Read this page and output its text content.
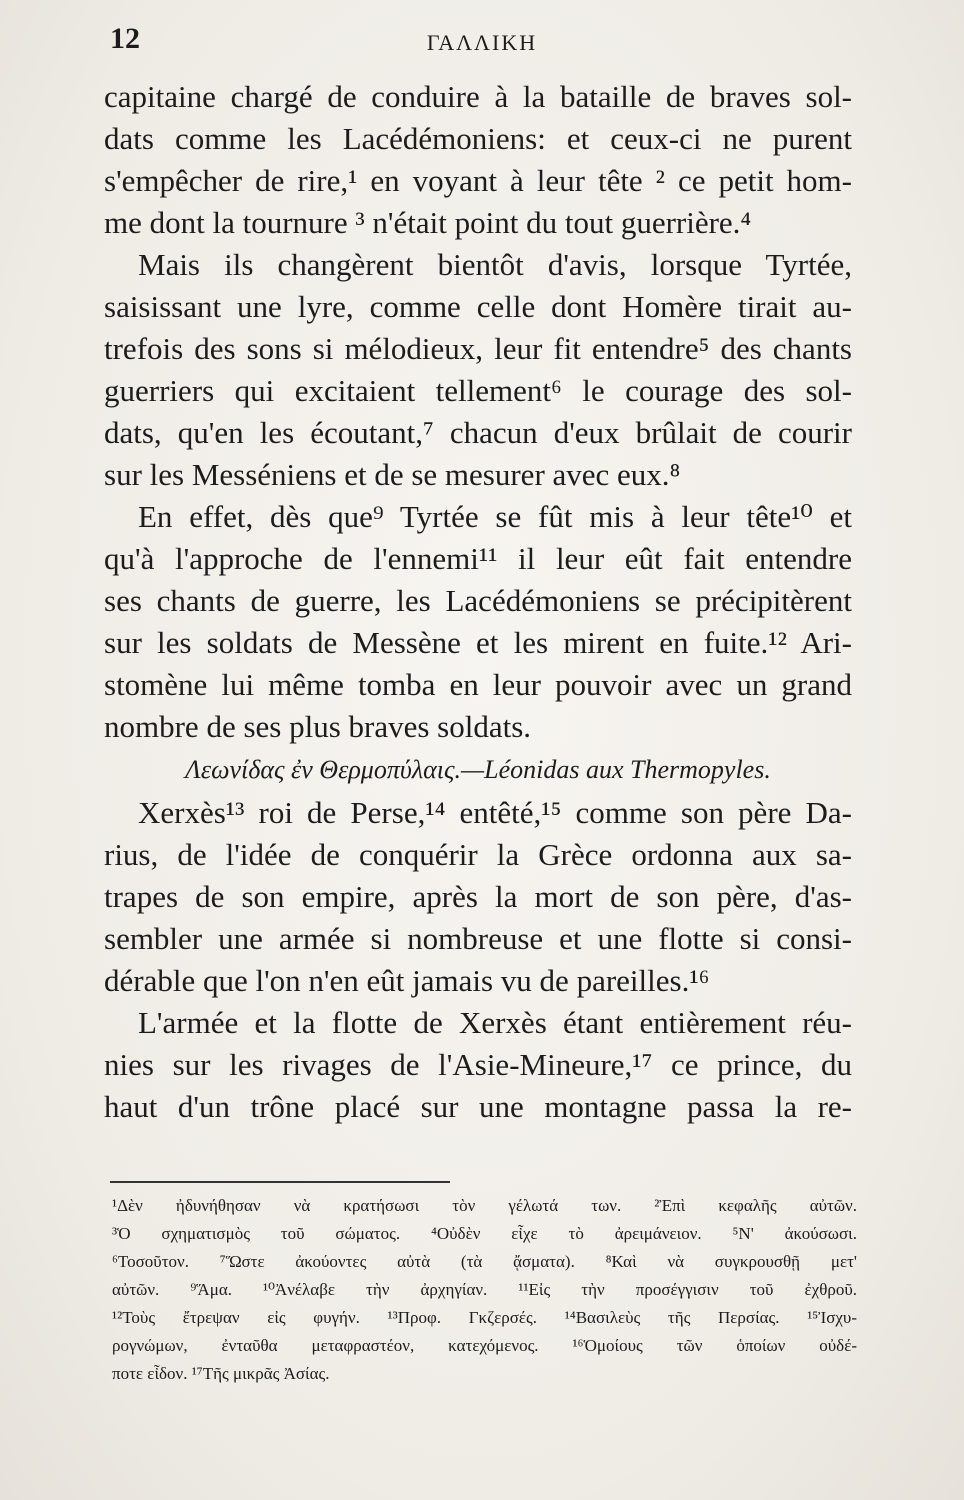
12	ΓΑΛΛΙΚΗ
capitaine chargé de conduire à la bataille de braves sol-
dats comme les Lacédémoniens: et ceux-ci ne purent
s'empêcher de rire,¹ en voyant à leur tête ² ce petit hom-
me dont la tournure ³ n'était point du tout guerrière.⁴
Mais ils changèrent bientôt d'avis, lorsque Tyrtée,
saisissant une lyre, comme celle dont Homère tirait au-
trefois des sons si mélodieux, leur fit entendre⁵ des chants
guerriers qui excitaient tellement⁶ le courage des sol-
dats, qu'en les écoutant,⁷ chacun d'eux brûlait de courir
sur les Messéniens et de se mesurer avec eux.⁸
En effet, dès que⁹ Tyrtée se fût mis à leur tête¹⁰ et
qu'à l'approche de l'ennemi¹¹ il leur eût fait entendre
ses chants de guerre, les Lacédémoniens se précipitèrent
sur les soldats de Messène et les mirent en fuite.¹² Ari-
stomène lui même tomba en leur pouvoir avec un grand
nombre de ses plus braves soldats.
Λεωνίδας ἐν Θερμοπύλαις.—Léonidas aux Thermopyles.
Xerxès¹³ roi de Perse,¹⁴ entêté,¹⁵ comme son père Da-
rius, de l'idée de conquérir la Grèce ordonna aux sa-
trapes de son empire, après la mort de son père, d'as-
sembler une armée si nombreuse et une flotte si consi-
dérable que l'on n'en eût jamais vu de pareilles.¹⁶
L'armée et la flotte de Xerxès étant entièrement réu-
nies sur les rivages de l'Asie-Mineure,¹⁷ ce prince, du
haut d'un trône placé sur une montagne passa la re-
¹Δὲν ἠδυνήθησαν νὰ κρατήσωσι τὸν γέλωτά των. ²Ἐπὶ κεφαλῆς αὐτῶν.
³Ὁ σχηματισμὸς τοῦ σώματος. ⁴Οὐδὲν εἶχε τὸ ἀρειμάνειον. ⁵Ν' ἀκούσωσι.
⁶Τοσοῦτον. ⁷Ὥστε ἀκούοντες αὐτὰ (τὰ ᾄσματα). ⁸Καὶ νὰ συγκρουσθῇ μετ'
αὐτῶν. ⁹Ἅμα. ¹⁰Ἀνέλαβε τὴν ἀρχηγίαν. ¹¹Εἰς τὴν προσέγγισιν τοῦ ἐχθροῦ.
¹²Τοὺς ἔτρεψαν εἰς φυγήν. ¹³Προφ. Γκζερσές. ¹⁴Βασιλεὺς τῆς Περσίας. ¹⁵Ἰσχυ-
ρογνώμων, ἐνταῦθα μεταφραστέον, κατεχόμενος. ¹⁶Ὁμοίους τῶν ὁποίων οὐδέ-
ποτε εἶδον. ¹⁷Τῆς μικρᾶς Ἀσίας.
